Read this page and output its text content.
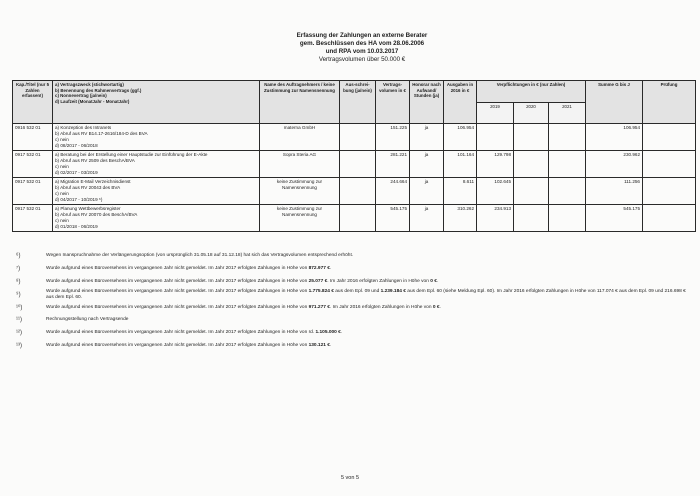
Erfassung der Zahlungen an externe Berater
gem. Beschlüssen des HA vom 28.06.2006
und RPA vom 10.03.2017
Vertragsvolumen über 50.000 €
Kap./Titel (nur 5 Zahlen erfassen!)	a) Vertragszweck (stichwortartig)
b) Benennung des Rahmenvertrags (ggf.)
c) Nonnevertrag (ja/nein)
d) Laufzeit (MonatJahr - MonatJahr)	Name des Auftragnehmers / keine Zustimmung zur Namensnennung	Aus-schrei-bung (ja/nein)	Vertrags-volumen in €	Honorar nach Aufwand/ Stunden (ja)	Ausgaben in 2016 in €	Verpflichtungen in € (nur Zahlen)			Summe G bis J	Prüfung
							2019	2020	2021		
0916 532 01	a) Konzeption des Intranets
b) Abruf aus RV B14.17-2616/184-D des BVA
c) nein
d) 08/2017 - 06/2018	materna GmbH		151.225	ja	106.954				106.954	
0917 532 01	a) Beratung bei der Erstellung einer Hauptstudie zur Einführung der E-Akte
b) Abruf aus RV 2509 des BeschA/BVA
c) nein
d) 02/2017 - 03/2019	Sopra Steria AG		281.221	ja	101.164	129.798			230.962	
0917 532 01	a) Migration E-Mail Verzeichnisdienst
b) Abruf aus RV 20043 des BVA
c) nein
d) 04/2017 - 10/2019 ⁶)	keine Zustimmung zur Namensnennung		244.664	ja	8.611	102.645			111.256	
0917 532 01	a) Planung Wettbewerbsregister
b) Abruf aus RV 20070 des BeschA/BVA
c) nein
d) 01/2018 - 06/2019	keine Zustimmung zur Namensnennung		545.175	ja	310.262	234.913			545.175	
⁶)	Wegen Inanspruchnahme der Verlängerungsoption (von ursprünglich 31.05.18 auf 31.12.18) hat sich das Vertragsvolumen entsprechend erhöht.
⁷)	Wurde aufgrund eines Büroversehens im vergangenen Jahr nicht gemeldet. Im Jahr 2017 erfolgten Zahlungen in Höhe von 872.977 €.
⁸)	Wurde aufgrund eines Büroversehens im vergangenen Jahr nicht gemeldet. Im Jahr 2017 erfolgten Zahlungen in Höhe von 25.077 €. Im Jahr 2016 erfolgten Zahlungen in Höhe von 0 €.
⁹)
Wurde aufgrund eines Büroversehens im vergangenen Jahr nicht gemeldet. Im Jahr 2017 erfolgten Zahlungen in Höhe von 1.775.824 € aus dem Epl. 09 und 1.239.184 € aus dem Epl. 60 (siehe Meldung Epl. 60). Im Jahr 2016 erfolgten Zahlungen in Höhe von 117.074 € aus dem Epl. 09 und 216.698 € aus dem Epl. 60.
¹⁰)	Wurde aufgrund eines Büroversehens im vergangenen Jahr nicht gemeldet. Im Jahr 2017 erfolgten Zahlungen in Höhe von 971.277 €. Im Jahr 2016 erfolgten Zahlungen in Höhe von 0 €.
¹¹)	Rechnungsstellung nach Vertragsende
¹²)	Wurde aufgrund eines Büroversehens im vergangenen Jahr nicht gemeldet. Im Jahr 2017 erfolgten Zahlungen in Höhe von rd. 1.105.000 €.
¹³)	Wurde aufgrund eines Büroversehens im vergangenen Jahr nicht gemeldet. Im Jahr 2017 erfolgten Zahlungen in Höhe von 130.121 €.
5 von 5
